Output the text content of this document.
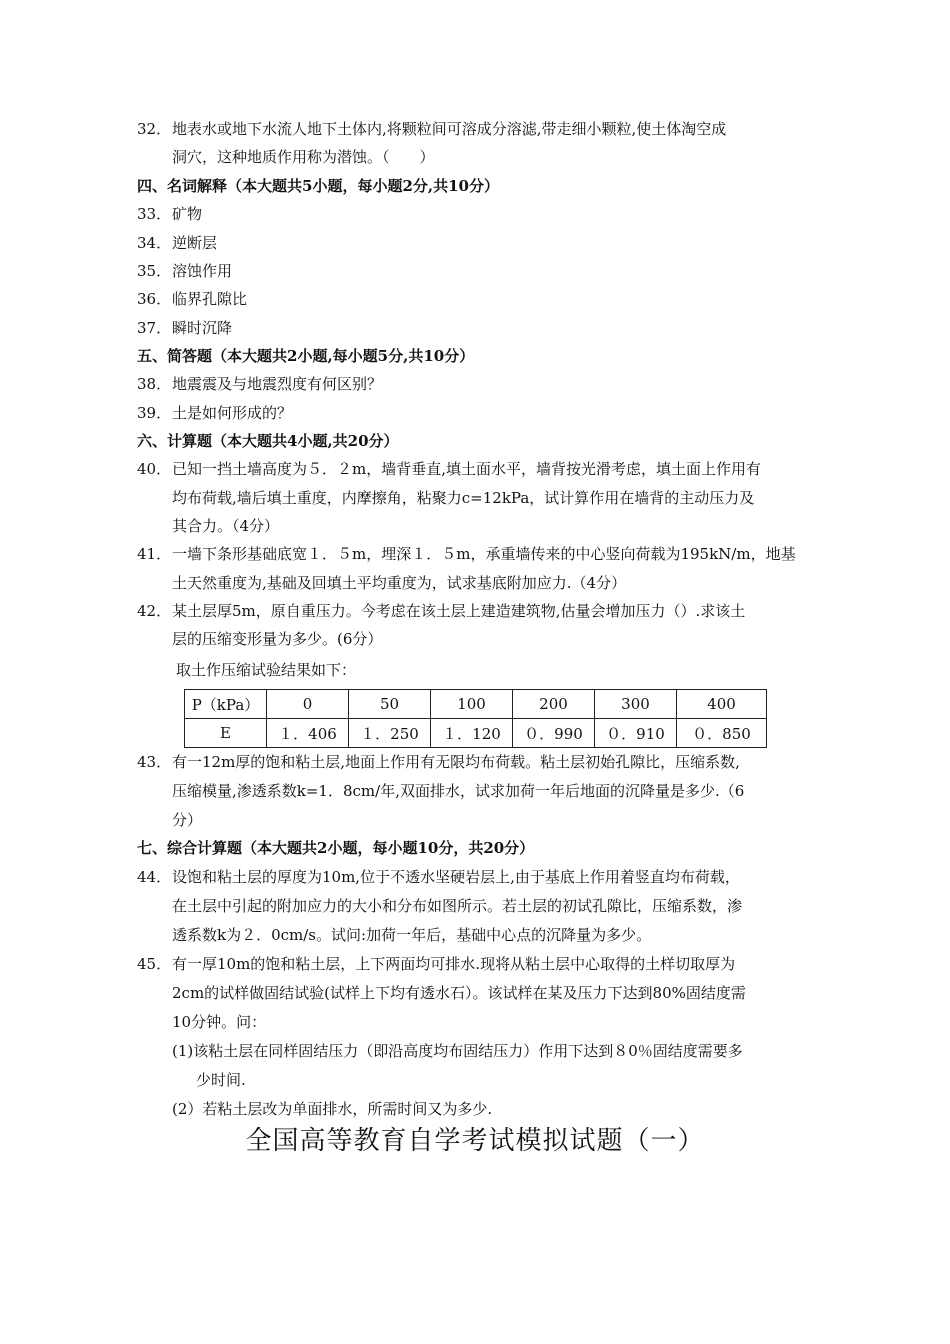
32． 地表水或地下水流人地下土体内,将颗粒间可溶成分溶滤,带走细小颗粒,使土体淘空成
洞穴，这种地质作用称为潜蚀。（　　）
四、名词解释（本大题共5小题，每小题2分,共10分）
33． 矿物
34． 逆断层
35． 溶蚀作用
36． 临界孔隙比
37． 瞬时沉降
五、简答题（本大题共2小题,每小题5分,共10分）
38． 地震震及与地震烈度有何区别？
39． 土是如何形成的？
六、计算题（本大题共4小题,共20分）
40． 已知一挡土墙高度为５．２m，墙背垂直,填土面水平，墙背按光滑考虑，填土面上作用有
均布荷载,墙后填土重度，内摩擦角，粘聚力c=12kPa，试计算作用在墙背的主动压力及
其合力。（4分）
41． 一墙下条形基础底宽１．５m，埋深１．５m，承重墙传来的中心竖向荷载为195kN/m，地基
土天然重度为,基础及回填土平均重度为，试求基底附加应力.（4分）
42． 某土层厚5m，原自重压力。今考虑在该土层上建造建筑物,估量会增加压力（）.求该土
层的压缩变形量为多少。(6分）
取土作压缩试验结果如下：
P（kPa）	0	50	100	200	300	400
E	１．406	１．250	１．120	０．990	０．910	０．850
43． 有一12m厚的饱和粘土层,地面上作用有无限均布荷载。粘土层初始孔隙比，压缩系数,
压缩模量,渗透系数k=1．8cm/年,双面排水，试求加荷一年后地面的沉降量是多少.（6
分）
七、综合计算题（本大题共2小题，每小题10分，共20分）
44． 设饱和粘土层的厚度为10m,位于不透水坚硬岩层上,由于基底上作用着竖直均布荷载，
在土层中引起的附加应力的大小和分布如图所示。若土层的初试孔隙比，压缩系数，渗
透系数k为２．0cm/s。试问:加荷一年后，基础中心点的沉降量为多少。
45． 有一厚10m的饱和粘土层，上下两面均可排水.现将从粘土层中心取得的土样切取厚为
2cm的试样做固结试验(试样上下均有透水石）。该试样在某及压力下达到80%固结度需
10分钟。问：
(1)该粘土层在同样固结压力（即沿高度均布固结压力）作用下达到８0％固结度需要多
少时间.
(2）若粘土层改为单面排水，所需时间又为多少.
全国高等教育自学考试模拟试题（一）
